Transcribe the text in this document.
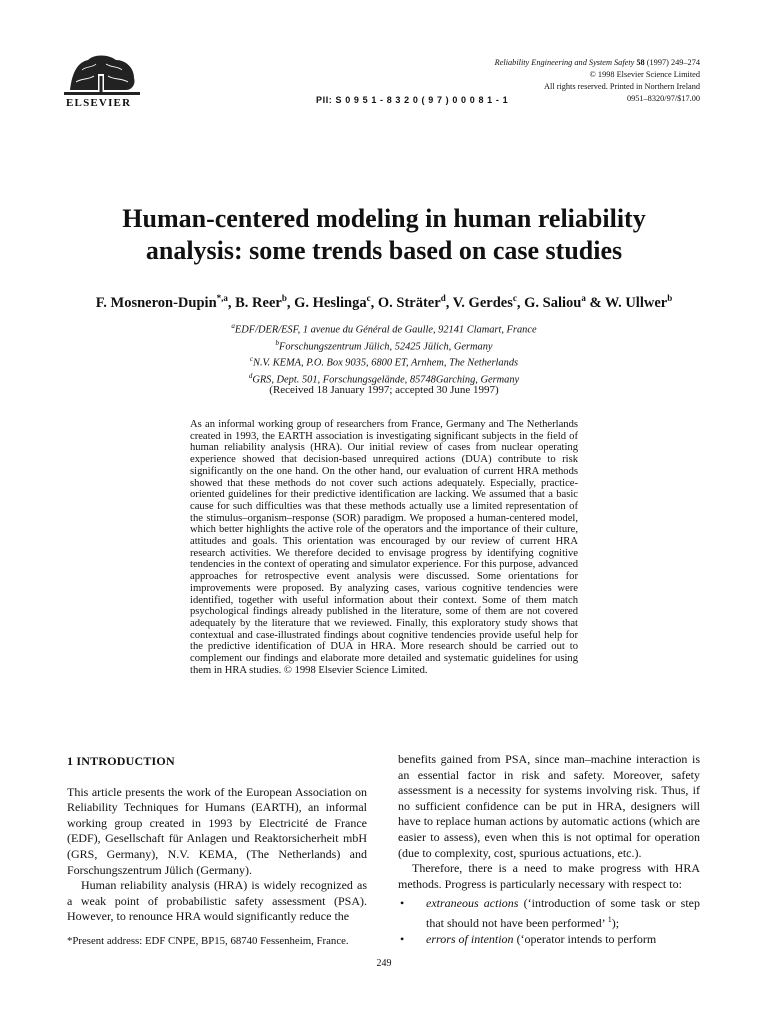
ELSEVIER	PII: S 0 9 5 1 - 8 3 2 0 ( 9 7 ) 0 0 0 8 1 - 1
Reliability Engineering and System Safety 58 (1997) 249–274
© 1998 Elsevier Science Limited
All rights reserved. Printed in Northern Ireland
0951–8320/97/$17.00
Human-centered modeling in human reliability
analysis: some trends based on case studies
F. Mosneron-Dupin$^{*,a}$, B. Reer$^b$, G. Heslinga$^c$, O. Sträter$^d$, V. Gerdes$^c$, G. Saliou$^a$ & W. Ullwer$^b$
$^a$EDF/DER/ESF, 1 avenue du Général de Gaulle, 92141 Clamart, France
$^b$Forschungszentrum Jülich, 52425 Jülich, Germany
$^c$N.V. KEMA, P.O. Box 9035, 6800 ET, Arnhem, The Netherlands
$^d$GRS, Dept. 501, Forschungsgelände, 85748Garching, Germany
(Received 18 January 1997; accepted 30 June 1997)
As an informal working group of researchers from France, Germany and The Netherlands created in 1993, the EARTH association is investigating significant subjects in the field of human reliability analysis (HRA). Our initial review of cases from nuclear operating experience showed that decision-based unrequired actions (DUA) contribute to risk significantly on the one hand. On the other hand, our evaluation of current HRA methods showed that these methods do not cover such actions adequately. Especially, practice-oriented guidelines for their predictive identification are lacking. We assumed that a basic cause for such difficulties was that these methods actually use a limited representation of the stimulus–organism–response (SOR) paradigm. We proposed a human-centered model, which better highlights the active role of the operators and the importance of their culture, attitudes and goals. This orientation was encouraged by our review of current HRA research activities. We therefore decided to envisage progress by identifying cognitive tendencies in the context of operating and simulator experience. For this purpose, advanced approaches for retrospective event analysis were discussed. Some orientations for improvements were proposed. By analyzing cases, various cognitive tendencies were identified, together with useful information about their context. Some of them match psychological findings already published in the literature, some of them are not covered adequately by the literature that we reviewed. Finally, this exploratory study shows that contextual and case-illustrated findings about cognitive tendencies provide useful help for the predictive identification of DUA in HRA. More research should be carried out to complement our findings and elaborate more detailed and systematic guidelines for using them in HRA studies. © 1998 Elsevier Science Limited.
1 INTRODUCTION

This article presents the work of the European Association on Reliability Techniques for Humans (EARTH), an informal working group created in 1993 by Electricité de France (EDF), Gesellschaft für Anlagen und Reaktorsicherheit mbH (GRS, Germany), N.V. KEMA, (The Netherlands) and Forschungszentrum Jülich (Germany).

Human reliability analysis (HRA) is widely recognized as a weak point of probabilistic safety assessment (PSA). However, to renounce HRA would significantly reduce the

benefits gained from PSA, since man–machine interaction is an essential factor in risk and safety. Moreover, safety assessment is a necessity for systems involving risk. Thus, if no sufficient confidence can be put in HRA, designers will have to replace human actions by automatic actions (which are easier to assess), even when this is not optimal for operation (due to complexity, cost, spurious actuations, etc.).

Therefore, there is a need to make progress with HRA methods. Progress is particularly necessary with respect to:

• extraneous actions (‘introduction of some task or step that should not have been performed’ $^1$);
• errors of intention (‘operator intends to perform
*Present address: EDF CNPE, BP15, 68740 Fessenheim, France.
249
